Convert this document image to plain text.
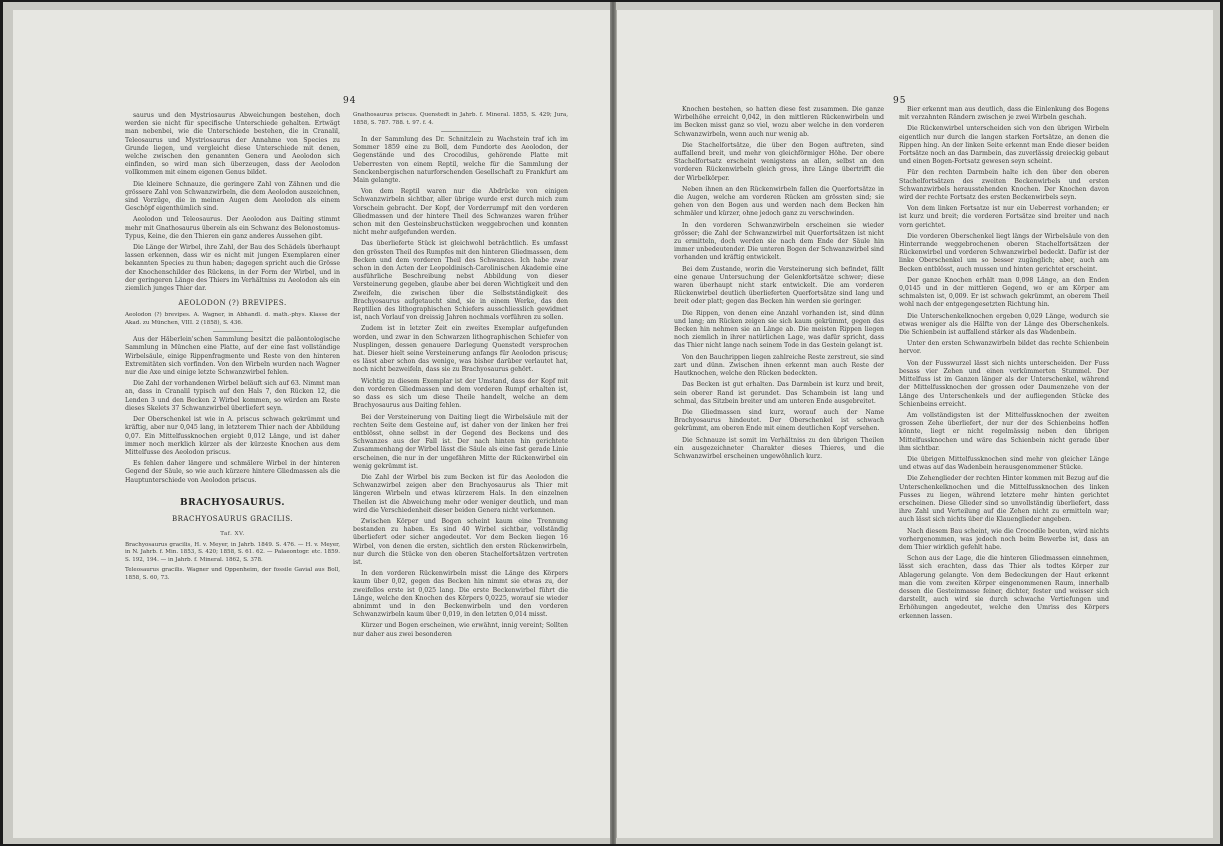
94

saurus und den Mystriosaurus Abweichungen bestehen, doch werden sie nicht für specifische Unterschiede gehalten. Ertwägt man nebenbei, wie die Unterschiede bestehen, die in Cranalil, Teleosaurus und Mystriosaurus der Annahme von Species zu Grunde liegen, und vergleicht diese Unterschiede mit denen, welche zwischen den genannten Genera und Aeolodon sich einfinden, so wird man sich überzeugen, dass der Aeolodon vollkommen mit einem eigenen Genus bildet.

Die kleinere Schnauze, die geringere Zahl von Zähnen und die grössere Zahl von Schwanzwirbeln, die dem Aeolodon auszeichnen, sind Vorzüge, die in meinen Augen dem Aeolodon als einem Geschöpf eigenthümlich sind.

Aeolodon und Teleosaurus. Der Aeolodon aus Daiting stimmt mehr mit Gnathosaurus überein als ein Schwanz des Belonostomus-Typus, Keine, die den Thieren ein ganz anderes Aussehen gibt.

Die Länge der Wirbel, ihre Zahl, der Bau des Schädels überhaupt lassen erkennen, dass wir es nicht mit jungen Exemplaren einer bekannten Species zu thun haben; dagegen spricht auch die Grösse der Knochenschilder des Rückens, in der Form der Wirbel, und in der geringeren Länge des Thiers im Verhältniss zu Aeolodon als ein ziemlich junges Thier dar.

AEOLODON (?) BREVIPES.

Aeolodon (?) brevipes. A. Wagner, in Abhandl. d. math.-phys. Klasse der Akad. zu München, VIII. 2 (1858), S. 436.

Aus der Häberlein'schen Sammlung besitzt die paläontologische Sammlung in München eine Platte, auf der eine fast vollständige Wirbelsäule, einige Rippenfragmente und Reste von den hinteren Extremitäten sich vorfinden. Von den Wirbeln wurden nach Wagner nur die Axe und einige letzte Schwanzwirbel fehlen.

Die Zahl der vorhandenen Wirbel beläuft sich auf 63. Nimmt man an, dass in Cranalil typisch auf den Hals 7, den Rücken 12, die Lenden 3 und den Becken 2 Wirbel kommen, so würden am Reste dieses Skelets 37 Schwanzwirbel überliefert seyn.

Der Oberschenkel ist wie in A. priscus schwach gekrümmt und kräftig, aber nur 0,045 lang, in letzterem Thier nach der Abbildung 0,07. Ein Mittelfussknochen ergiebt 0,012 Länge, und ist daher immer noch merklich kürzer als der kürzeste Knochen aus dem Mittelfusse des Aeolodon priscus.

Es fehlen daher längere und schmälere Wirbel in der hinteren Gegend der Säule, so wie auch kürzere hintere Gliedmassen als die Hauptunterschiede von Aeolodon priscus.

BRACHYOSAURUS.

BRACHYOSAURUS GRACILIS.

Taf. XV.

Brachyosaurus gracilis, H. v. Meyer, in Jahrb. 1849. S. 476. — H. v. Meyer, in N. Jahrb. f. Min. 1853, S. 420; 1858, S. 61. 62. — Palaeontogr. etc. 1859. S. 192, 194. — in Jahrb. f. Mineral. 1862, S. 378.

Teleosaurus gracilis. Wagner und Oppenheim, der fossile Gavial aus Boll, 1858, S. 60, 73.

Gnathosaurus priscus. Quenstedt in Jahrb. f. Mineral. 1855, S. 429; Jura, 1858, S. 787. 788. t. 97. f. 4.

In der Sammlung des Dr. Schnitzlein zu Wachstein traf ich im Sommer 1859 eine zu Boll, dem Fundorte des Aeolodon, der Gegenstände und des Crocodilus, gehörende Platte mit Ueberresten von einem Reptil, welche für die Sammlung der Senckenbergischen naturforschenden Gesellschaft zu Frankfurt am Main gelangte.

Von dem Reptil waren nur die Abdrücke von einigen Schwanzwirbeln sichtbar, aller übrige wurde erst durch mich zum Vorschein gebracht. Der Kopf, der Vorderrumpf mit den vorderen Gliedmassen und der hintere Theil des Schwanzes waren früher schon mit den Gesteinsbruchstücken weggebrochen und konnten nicht mehr aufgefunden werden.

Das überlieferte Stück ist gleichwohl beträchtlich. Es umfasst den grössten Theil des Rumpfes mit den hinteren Gliedmassen, dem Becken und dem vorderen Theil des Schwanzes. Ich habe zwar schon in den Acten der Leopoldinisch-Carolinischen Akademie eine ausführliche Beschreibung nebst Abbildung von dieser Versteinerung gegeben, glaube aber bei deren Wichtigkeit und den Zweifeln, die zwischen über die Selbstständigkeit des Brachyosaurus aufgetaucht sind, sie in einem Werke, das den Reptilien des lithographischen Schiefers ausschliesslich gewidmet ist, nach Vorlauf von dreissig Jahren nochmals vorführen zu sollen.

Zudem ist in letzter Zeit ein zweites Exemplar aufgefunden worden, und zwar in den Schwarzen lithographischen Schiefer von Nusplingen, dessen genauere Darlegung Quenstedt versprochen hat. Dieser hielt seine Versteinerung anfangs für Aeolodon priscus; es lässt aber schon das wenige, was bisher darüber verlautet hat, noch nicht bezweifeln, dass sie zu Brachyosaurus gehört.

Wichtig zu diesem Exemplar ist der Umstand, dass der Kopf mit den vorderen Gliedmassen und dem vorderen Rumpf erhalten ist, so dass es sich um diese Theile handelt, welche an dem Brachyosaurus aus Daiting fehlen.

Bei der Versteinerung von Daiting liegt die Wirbelsäule mit der rechten Seite dem Gesteine auf, ist daher von der linken her frei entblösst, ohne selbst in der Gegend des Beckens und des Schwanzes aus der Fall ist. Der nach hinten hin gerichtete Zusammenhang der Wirbel lässt die Säule als eine fast gerade Linie erscheinen, die nur in der ungefähren Mitte der Rückenwirbel ein wenig gekrümmt ist.

Die Zahl der Wirbel bis zum Becken ist für das Aeolodon die Schwanzwirbel zeigen aber den Brachyosaurus als Thier mit längeren Wirbeln und etwas kürzerem Hals. In den einzelnen Theilen ist die Abweichung mehr oder weniger deutlich, und man wird die Verschiedenheit dieser beiden Genera nicht verkennen.

Zwischen Körper und Bogen scheint kaum eine Trennung bestanden zu haben. Es sind 40 Wirbel sichtbar, vollständig überliefert oder sicher angedeutet. Vor dem Becken liegen 16 Wirbel, von denen die ersten, sichtlich den ersten Rückenwirbeln, nur durch die Stücke von den oberen Stachelfortsätzen vertreten ist.

In den vorderen Rückenwirbeln misst die Länge des Körpers kaum über 0,02, gegen das Becken hin nimmt sie etwas zu, der zweifellos erste ist 0,025 lang. Die erste Beckenwirbel führt die Länge, welche den Knochen des Körpers 0,0225, worauf sie wieder abnimmt und in den Beckenwirbeln und den vorderen Schwanzwirbeln kaum über 0,019, in den letzten 0,014 misst.

Kürzer und Bogen erscheinen, wie erwähnt, innig vereint; Sollten nur daher aus zwei besonderen

95

Knochen bestehen, so hatten diese fest zusammen. Die ganze Wirbelhöhe erreicht 0,042, in den mittleren Rückenwirbeln und im Becken misst ganz so viel, wozu aber welche in den vorderen Schwanzwirbeln, wenn auch nur wenig ab.

Die Stachelfortsätze, die über den Bogen auftreten, sind auffallend breit, und mehr von gleichförmiger Höhe. Der obere Stachelfortsatz erscheint wenigstens an allen, selbst an den vorderen Rückenwirbeln gleich gross, ihre Länge übertrifft die der Wirbelkörper.

Neben ihnen an den Rückenwirbeln fallen die Querfortsätze in die Augen, welche am vorderen Rücken am grössten sind; sie gehen von den Bogen aus und werden nach dem Becken hin schmäler und kürzer, ohne jedoch ganz zu verschwinden.

In den vorderen Schwanzwirbeln erscheinen sie wieder grösser; die Zahl der Schwanzwirbel mit Querfortsätzen ist nicht zu ermitteln, doch werden sie nach dem Ende der Säule hin immer unbedeutender. Die unteren Bogen der Schwanzwirbel sind vorhanden und kräftig entwickelt.

Bei dem Zustande, worin die Versteinerung sich befindet, fällt eine genaue Untersuchung der Gelenkfortsätze schwer; diese waren überhaupt nicht stark entwickelt. Die am vorderen Rückenwirbel deutlich überlieferten Querfortsätze sind lang und breit oder platt; gegen das Becken hin werden sie geringer.

Die Rippen, von denen eine Anzahl vorhanden ist, sind dünn und lang; am Rücken zeigen sie sich kaum gekrümmt, gegen das Becken hin nehmen sie an Länge ab. Die meisten Rippen liegen noch ziemlich in ihrer natürlichen Lage, was dafür spricht, dass das Thier nicht lange nach seinem Tode in das Gestein gelangt ist.

Von den Bauchrippen liegen zahlreiche Reste zerstreut, sie sind zart und dünn. Zwischen ihnen erkennt man auch Reste der Hautknochen, welche den Rücken bedeckten.

Das Becken ist gut erhalten. Das Darmbein ist kurz und breit, sein oberer Rand ist gerundet. Das Schambein ist lang und schmal, das Sitzbein breiter und am unteren Ende ausgebreitet.

Die Gliedmassen sind kurz, worauf auch der Name Brachyosaurus hindeutet. Der Oberschenkel ist schwach gekrümmt, am oberen Ende mit einem deutlichen Kopf versehen.

Die Schnauze ist somit im Verhältniss zu den übrigen Theilen ein ausgezeichneter Charakter dieses Thieres, und die Schwanzwirbel erscheinen ungewöhnlich kurz.

Bier erkennt man aus deutlich, dass die Einlenkung des Bogens mit verzahnten Rändern zwischen je zwei Wirbeln geschah.

Die Rückenwirbel unterscheiden sich von den übrigen Wirbeln eigentlich nur durch die langen starken Fortsätze, an denen die Rippen hing. An der linken Seite erkennt man Ende dieser beiden Fortsätze noch an das Darmbein, das zuverlässig dreieckig gebaut und einen Bogen-Fortsatz gewesen seyn scheint.

Für den rechten Darmbein halte ich den über den oberen Stachelfortsätzen des zweiten Beckenwirbels und ersten Schwanzwirbels herausstehenden Knochen. Der Knochen davon wird der rechte Fortsatz des ersten Beckenwirbels seyn.

Von dem linken Fortsatze ist nur ein Ueberrest vorhanden; er ist kurz und breit; die vorderen Fortsätze sind breiter und nach vorn gerichtet.

Die vorderen Oberschenkel liegt längs der Wirbelsäule von den Hinterrande weggebrochenen oberen Stachelfortsätzen der Rückenwirbel und vorderen Schwanzwirbel bedeckt. Dafür ist der linke Oberschenkel um so besser zugänglich; aber, auch am Becken entblösst, auch mussen und hinten gerichtet erscheint.

Der ganze Knochen erhält man 0,098 Länge, an den Enden 0,0145 und in der mittleren Gegend, wo er am Körper am schmalsten ist, 0,009. Er ist schwach gekrümmt, an oberem Theil wohl nach der entgegengesetzten Richtung hin.

Die Unterschenkelknochen ergeben 0,029 Länge, wodurch sie etwas weniger als die Hälfte von der Länge des Oberschenkels. Die Schienbein ist auffallend stärker als das Wadenbein.

Unter den ersten Schwanzwirbeln bildet das rechte Schienbein hervor.

Von der Fusswurzel lässt sich nichts unterscheiden. Der Fuss besass vier Zehen und einen verkümmerten Stummel. Der Mittelfuss ist im Ganzen länger als der Unterschenkel, während der Mittelfussknochen der grossen oder Daumenzehe von der Länge des Unterschenkels und der aufliegenden Stücke des Schienbeins erreicht.

Am vollständigsten ist der Mittelfussknochen der zweiten grossen Zehe überliefert, der nur der des Schienbeins hoffen könnte, liegt er nicht regelmässig neben den übrigen Mittelfussknochen und wäre das Schienbein nicht gerade über ihm sichtbar.

Die übrigen Mittelfussknochen sind mehr von gleicher Länge und etwas auf das Wadenbein herausgenommener Stücke.

Die Zehenglieder der rechten Hinter kommen mit Bezug auf die Unterschenkelknochen und die Mittelfussknochen des linken Fusses zu liegen, während letztere mehr hinten gerichtet erscheinen. Diese Glieder sind so unvollständig überliefert, dass ihre Zahl und Verteilung auf die Zehen nicht zu ermitteln war; auch lässt sich nichts über die Klauenglieder angeben.

Nach diesem Bau scheint, wie die Crocodile beuten, wird nichts vorhergenommen, was jedoch noch beim Bewerbe ist, dass an dem Thier wirklich gefehlt habe.

Schon aus der Lage, die die hinteren Gliedmassen einnehmen, lässt sich erachten, dass das Thier als todtes Körper zur Ablagerung gelangte. Von dem Bedeckungen der Haut erkennt man die vom zweiten Körper eingenommenen Raum, innerhalb dessen die Gesteinmasse feiner, dichter, fester und weisser sich darstellt, auch wird sie durch schwache Vertiefungen und Erhöhungen angedeutet, welche den Umriss des Körpers erkennen lassen.
